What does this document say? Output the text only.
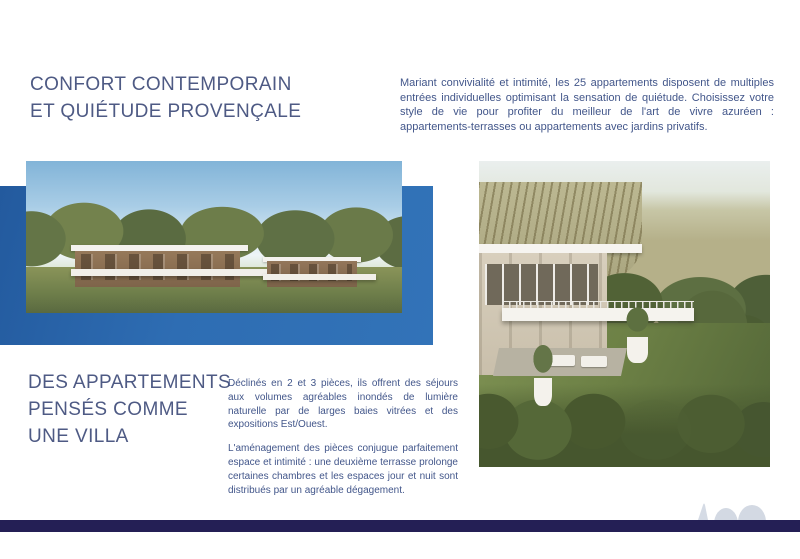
CONFORT CONTEMPORAIN
ET QUIÉTUDE PROVENÇALE

Mariant convivialité et intimité, les 25 appartements disposent de multiples entrées individuelles optimisant la sensation de quiétude. Choisissez votre style de vie pour profiter du meilleur de l'art de vivre azuréen : appartements-terrasses ou appartements avec jardins privatifs.

DES APPARTEMENTS
PENSÉS COMME
UNE VILLA

Déclinés en 2 et 3 pièces, ils offrent des séjours aux volumes agréables inondés de lumière naturelle par de larges baies vitrées et des expositions Est/Ouest.

L'aménagement des pièces conjugue parfaitement espace et intimité : une deuxième terrasse prolonge certaines chambres et les espaces jour et nuit sont distribués par un agréable dégagement.
